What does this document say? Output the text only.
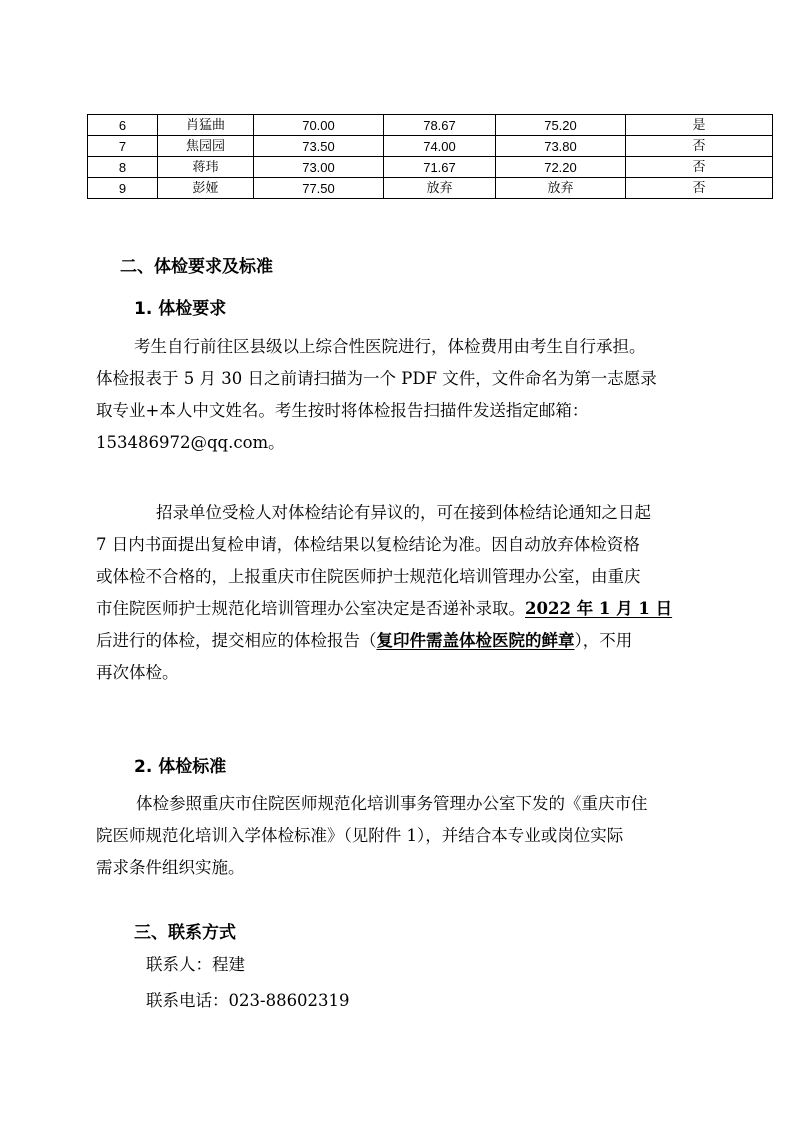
6	肖猛曲	70.00	78.67	75.20	是
7	焦园园	73.50	74.00	73.80	否
8	蒋玮	73.00	71.67	72.20	否
9	彭娅	77.50	放弃	放弃	否
二、体检要求及标准
1. 体检要求
考生自行前往区县级以上综合性医院进行，体检费用由考生自行承担。
体检报表于 5 月 30 日之前请扫描为一个 PDF 文件，文件命名为第一志愿录
取专业+本人中文姓名。考生按时将体检报告扫描件发送指定邮箱：
153486972@qq.com。
招录单位受检人对体检结论有异议的，可在接到体检结论通知之日起
7 日内书面提出复检申请，体检结果以复检结论为准。因自动放弃体检资格
或体检不合格的，上报重庆市住院医师护士规范化培训管理办公室，由重庆
市住院医师护士规范化培训管理办公室决定是否递补录取。2022 年 1 月 1 日
后进行的体检，提交相应的体检报告（复印件需盖体检医院的鲜章），不用
再次体检。
2. 体检标准
体检参照重庆市住院医师规范化培训事务管理办公室下发的《重庆市住
院医师规范化培训入学体检标准》（见附件 1），并结合本专业或岗位实际
需求条件组织实施。
三、联系方式
联系人：程建
联系电话：023-88602319
